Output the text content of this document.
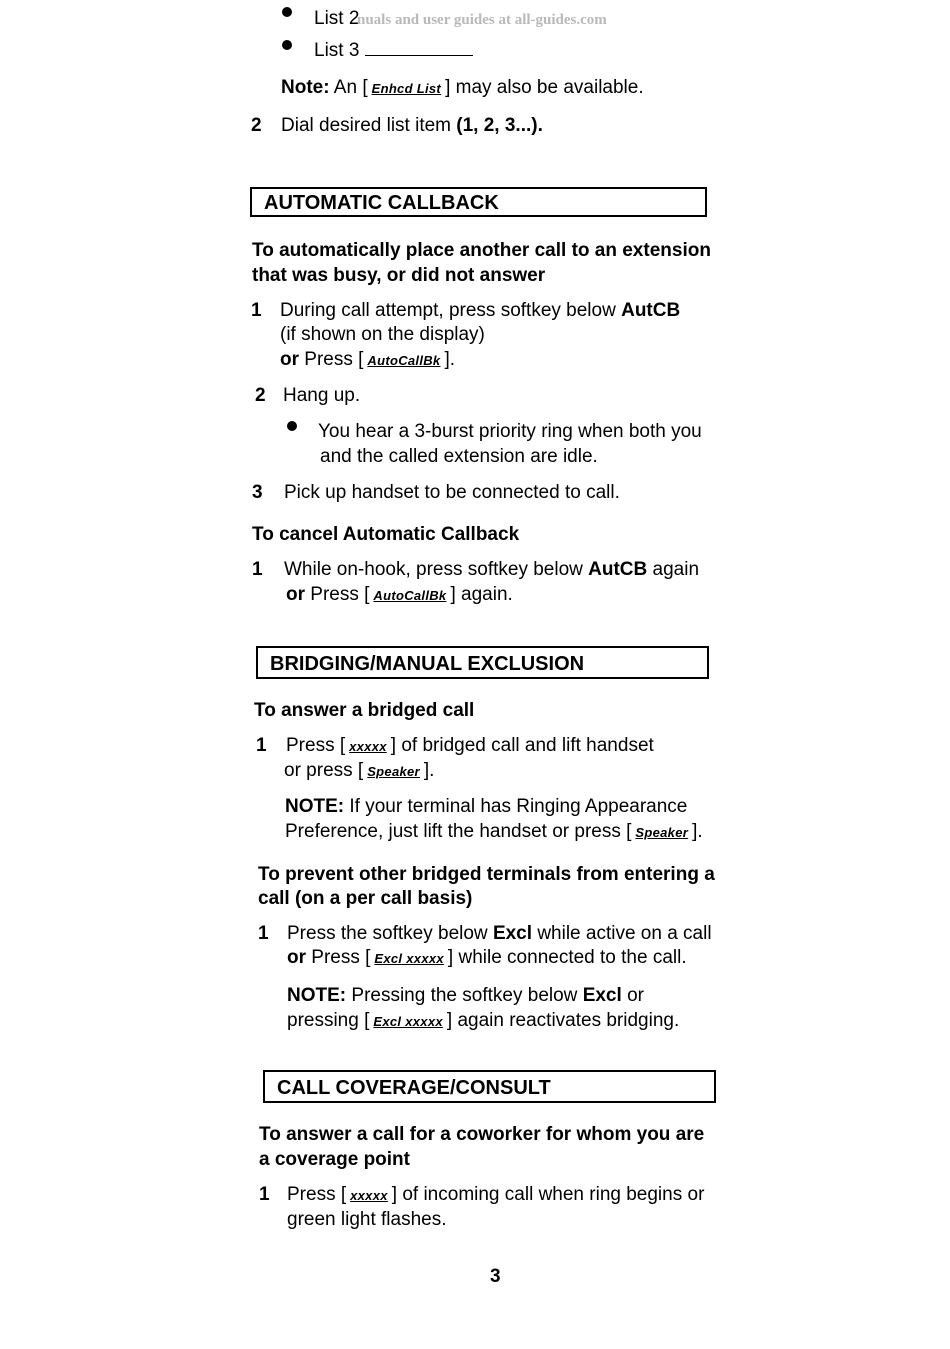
List 2
nuals and user guides at all-guides.com
List 3
Note: An [ Enhcd List ] may also be available.
2 Dial desired list item (1, 2, 3...).
AUTOMATIC CALLBACK
To automatically place another call to an extension
that was busy, or did not answer
1 During call attempt, press softkey below AutCB
(if shown on the display)
or Press [ AutoCallBk ].
2 Hang up.
You hear a 3-burst priority ring when both you
and the called extension are idle.
3 Pick up handset to be connected to call.
To cancel Automatic Callback
1 While on-hook, press softkey below AutCB again
or Press [ AutoCallBk ] again.
BRIDGING/MANUAL EXCLUSION
To answer a bridged call
1 Press [ xxxxx ] of bridged call and lift handset
or press [ Speaker ].
NOTE: If your terminal has Ringing Appearance
Preference, just lift the handset or press [ Speaker ].
To prevent other bridged terminals from entering a
call (on a per call basis)
1 Press the softkey below Excl while active on a call
or Press [ Excl xxxxx ] while connected to the call.
NOTE: Pressing the softkey below Excl or
pressing [ Excl xxxxx ] again reactivates bridging.
CALL COVERAGE/CONSULT
To answer a call for a coworker for whom you are
a coverage point
1 Press [ xxxxx ] of incoming call when ring begins or
green light flashes.
3
